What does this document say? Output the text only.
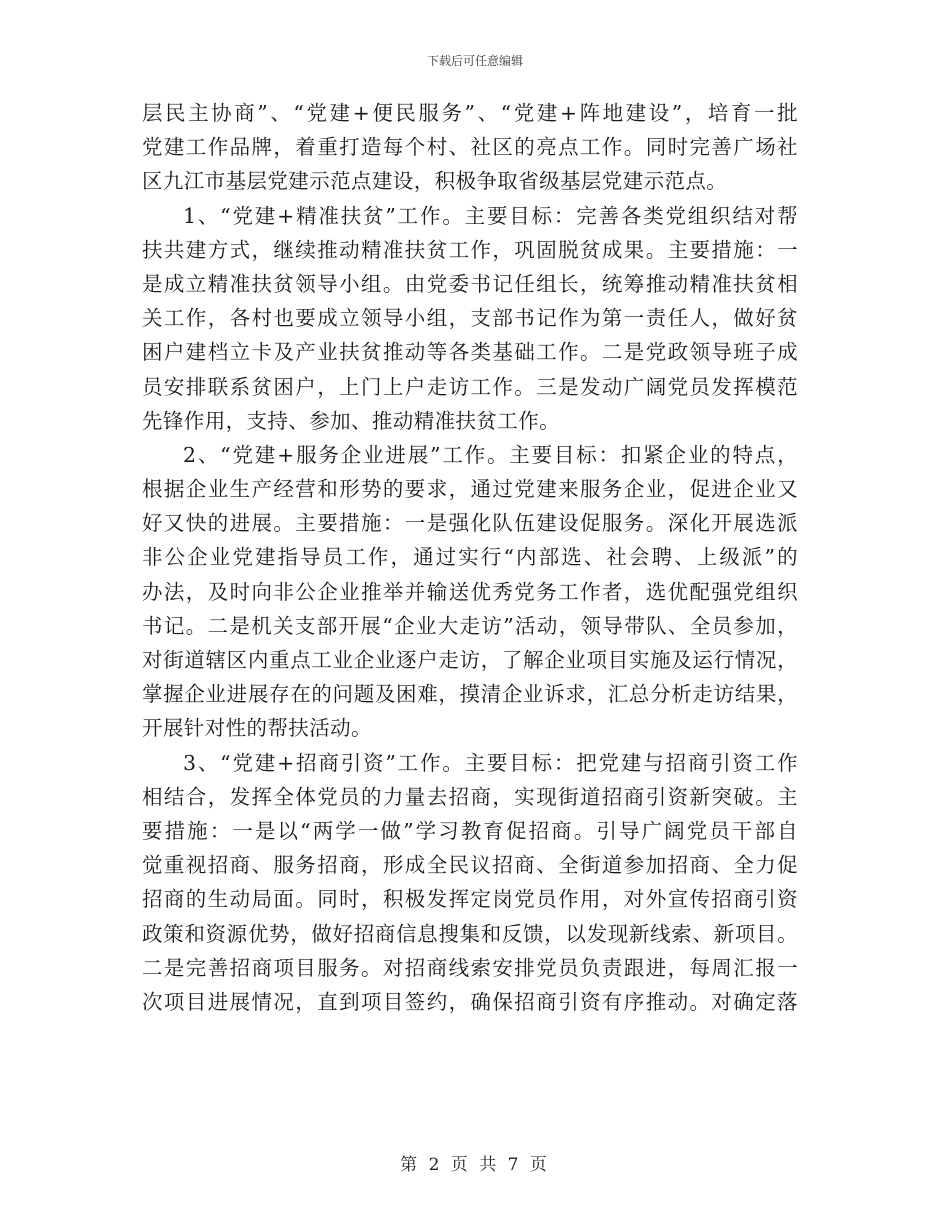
下载后可任意编辑
层民主协商”、“党建+便民服务”、“党建+阵地建设”，培育一批
党建工作品牌，着重打造每个村、社区的亮点工作。同时完善广场社
区九江市基层党建示范点建设，积极争取省级基层党建示范点。
1、“党建+精准扶贫”工作。主要目标：完善各类党组织结对帮
扶共建方式，继续推动精准扶贫工作，巩固脱贫成果。主要措施：一
是成立精准扶贫领导小组。由党委书记任组长，统筹推动精准扶贫相
关工作，各村也要成立领导小组，支部书记作为第一责任人，做好贫
困户建档立卡及产业扶贫推动等各类基础工作。二是党政领导班子成
员安排联系贫困户，上门上户走访工作。三是发动广阔党员发挥模范
先锋作用，支持、参加、推动精准扶贫工作。
2、“党建+服务企业进展”工作。主要目标：扣紧企业的特点，
根据企业生产经营和形势的要求，通过党建来服务企业，促进企业又
好又快的进展。主要措施：一是强化队伍建设促服务。深化开展选派
非公企业党建指导员工作，通过实行“内部选、社会聘、上级派”的
办法，及时向非公企业推举并输送优秀党务工作者，选优配强党组织
书记。二是机关支部开展“企业大走访”活动，领导带队、全员参加，
对街道辖区内重点工业企业逐户走访，了解企业项目实施及运行情况，
掌握企业进展存在的问题及困难，摸清企业诉求，汇总分析走访结果，
开展针对性的帮扶活动。
3、“党建+招商引资”工作。主要目标：把党建与招商引资工作
相结合，发挥全体党员的力量去招商，实现街道招商引资新突破。主
要措施：一是以“两学一做”学习教育促招商。引导广阔党员干部自
觉重视招商、服务招商，形成全民议招商、全街道参加招商、全力促
招商的生动局面。同时，积极发挥定岗党员作用，对外宣传招商引资
政策和资源优势，做好招商信息搜集和反馈，以发现新线索、新项目。
二是完善招商项目服务。对招商线索安排党员负责跟进，每周汇报一
次项目进展情况，直到项目签约，确保招商引资有序推动。对确定落
第 2 页 共 7 页
